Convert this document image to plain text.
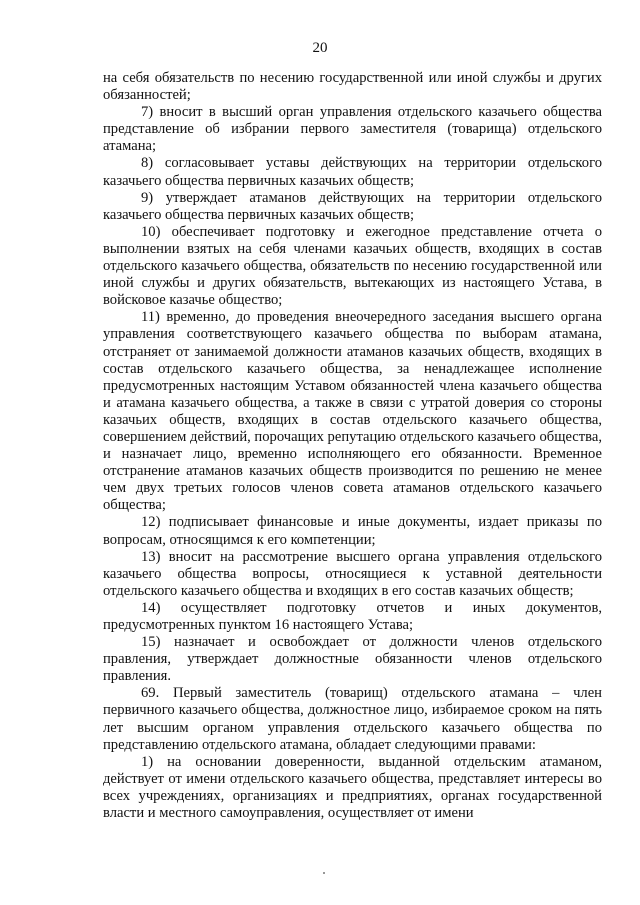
20

на себя обязательств по несению государственной или иной службы и других обязанностей;

7) вносит в высший орган управления отдельского казачьего общества представление об избрании первого заместителя (товарища) отдельского атамана;

8) согласовывает уставы действующих на территории отдельского казачьего общества первичных казачьих обществ;

9) утверждает атаманов действующих на территории отдельского казачьего общества первичных казачьих обществ;

10) обеспечивает подготовку и ежегодное представление отчета о выполнении взятых на себя членами казачьих обществ, входящих в состав отдельского казачьего общества, обязательств по несению государственной или иной службы и других обязательств, вытекающих из настоящего Устава, в войсковое казачье общество;

11) временно, до проведения внеочередного заседания высшего органа управления соответствующего казачьего общества по выборам атамана, отстраняет от занимаемой должности атаманов казачьих обществ, входящих в состав отдельского казачьего общества, за ненадлежащее исполнение предусмотренных настоящим Уставом обязанностей члена казачьего общества и атамана казачьего общества, а также в связи с утратой доверия со стороны казачьих обществ, входящих в состав отдельского казачьего общества, совершением действий, порочащих репутацию отдельского казачьего общества, и назначает лицо, временно исполняющего его обязанности. Временное отстранение атаманов казачьих обществ производится по решению не менее чем двух третьих голосов членов совета атаманов отдельского казачьего общества;

12) подписывает финансовые и иные документы, издает приказы по вопросам, относящимся к его компетенции;

13) вносит на рассмотрение высшего органа управления отдельского казачьего общества вопросы, относящиеся к уставной деятельности отдельского казачьего общества и входящих в его состав казачьих обществ;

14) осуществляет подготовку отчетов и иных документов, предусмотренных пунктом 16 настоящего Устава;

15) назначает и освобождает от должности членов отдельского правления, утверждает должностные обязанности членов отдельского правления.

69. Первый заместитель (товарищ) отдельского атамана – член первичного казачьего общества, должностное лицо, избираемое сроком на пять лет высшим органом управления отдельского казачьего общества по представлению отдельского атамана, обладает следующими правами:

1) на основании доверенности, выданной отдельским атаманом, действует от имени отдельского казачьего общества, представляет интересы во всех учреждениях, организациях и предприятиях, органах государственной власти и местного самоуправления, осуществляет от имени
